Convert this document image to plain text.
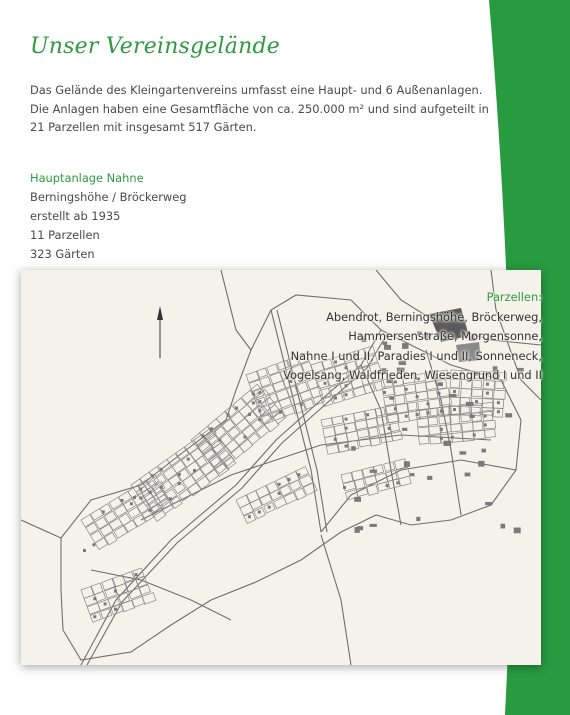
Unser Vereinsgelände
Das Gelände des Kleingartenvereins umfasst eine Haupt- und 6 Außenanlagen.
Die Anlagen haben eine Gesamtfläche von ca. 250.000 m² und sind aufgeteilt in
21 Parzellen mit insgesamt 517 Gärten.
Hauptanlage Nahne
Berningshöhe / Bröckerweg
erstellt ab 1935
11 Parzellen
323 Gärten
Parzellen:
Abendrot, Berningshöhe, Bröckerweg,
Hammersenstraße, Morgensonne,
Nahne I und II, Paradies I und II, Sonneneck,
Vogelsang, Waldfrieden, Wiesengrund I und II
